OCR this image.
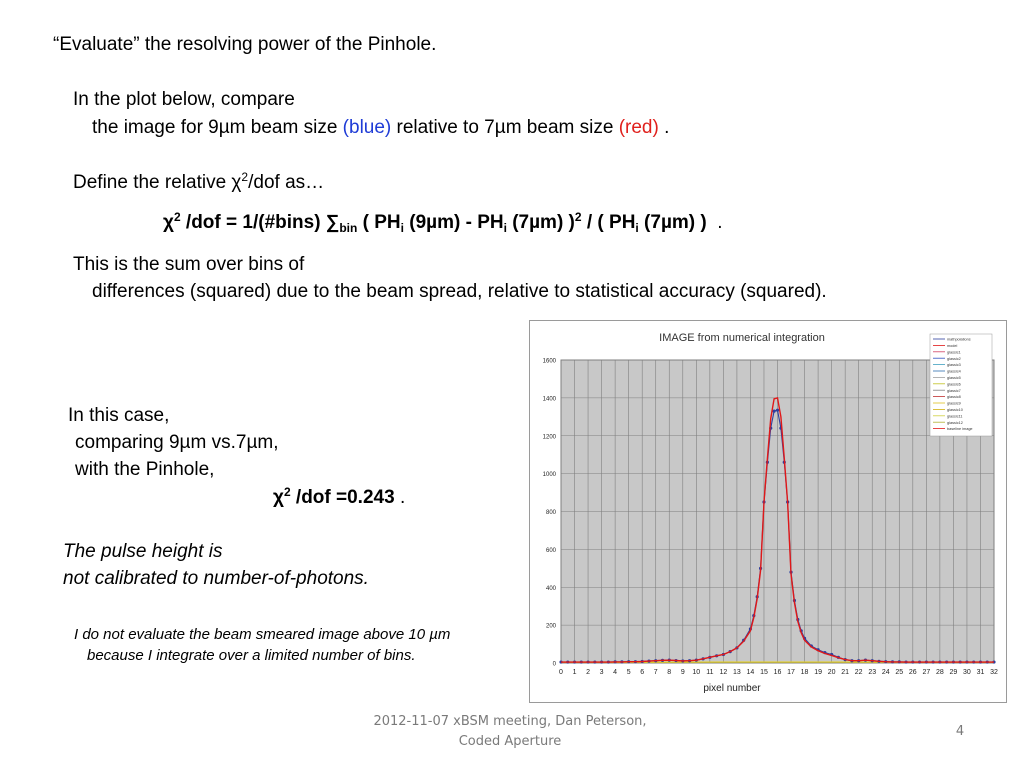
“Evaluate” the resolving power of the Pinhole.
In the plot below, compare
the image for 9µm beam size (blue) relative to 7µm beam size (red) .
Define the relative $\chi^2$/dof as…
$\chi^2$ /dof = 1/(#bins) $\sum_{bin}$ ( $PH_i$ $(9\mu m) - PH_i$ (7µm) )$^2$ / ( $PH_i$ (7µm) ) .
This is the sum over bins of
differences (squared) due to the beam spread, relative to statistical accuracy (squared).
In this case,
comparing 9µm vs.7µm,
with the Pinhole,
$\chi^2$ /dof =0.243 .
The pulse height is
not calibrated to number-of-photons.
I do not evaluate the beam smeared image above 10 µm
because I integrate over a limited number of bins.
0 1 2 3 4 5 6 7 8 9 10 11 12 13 14 15 16 17 18 19 20 21 22 23 24 25 26 27 28 29 30 31 32
0
200
400
600
800
1000
1200
1400
1600
IMAGE from numerical integration
pixel number
mathpolations
model
glassic1
glassic2
glassic3
glassic4
glassic5
glassic6
glassic7
glassic8
glassic9
glassic10
glassic11
glassic12
baseline image
2012-11-07 xBSM meeting, Dan Peterson,
Coded Aperture
4
